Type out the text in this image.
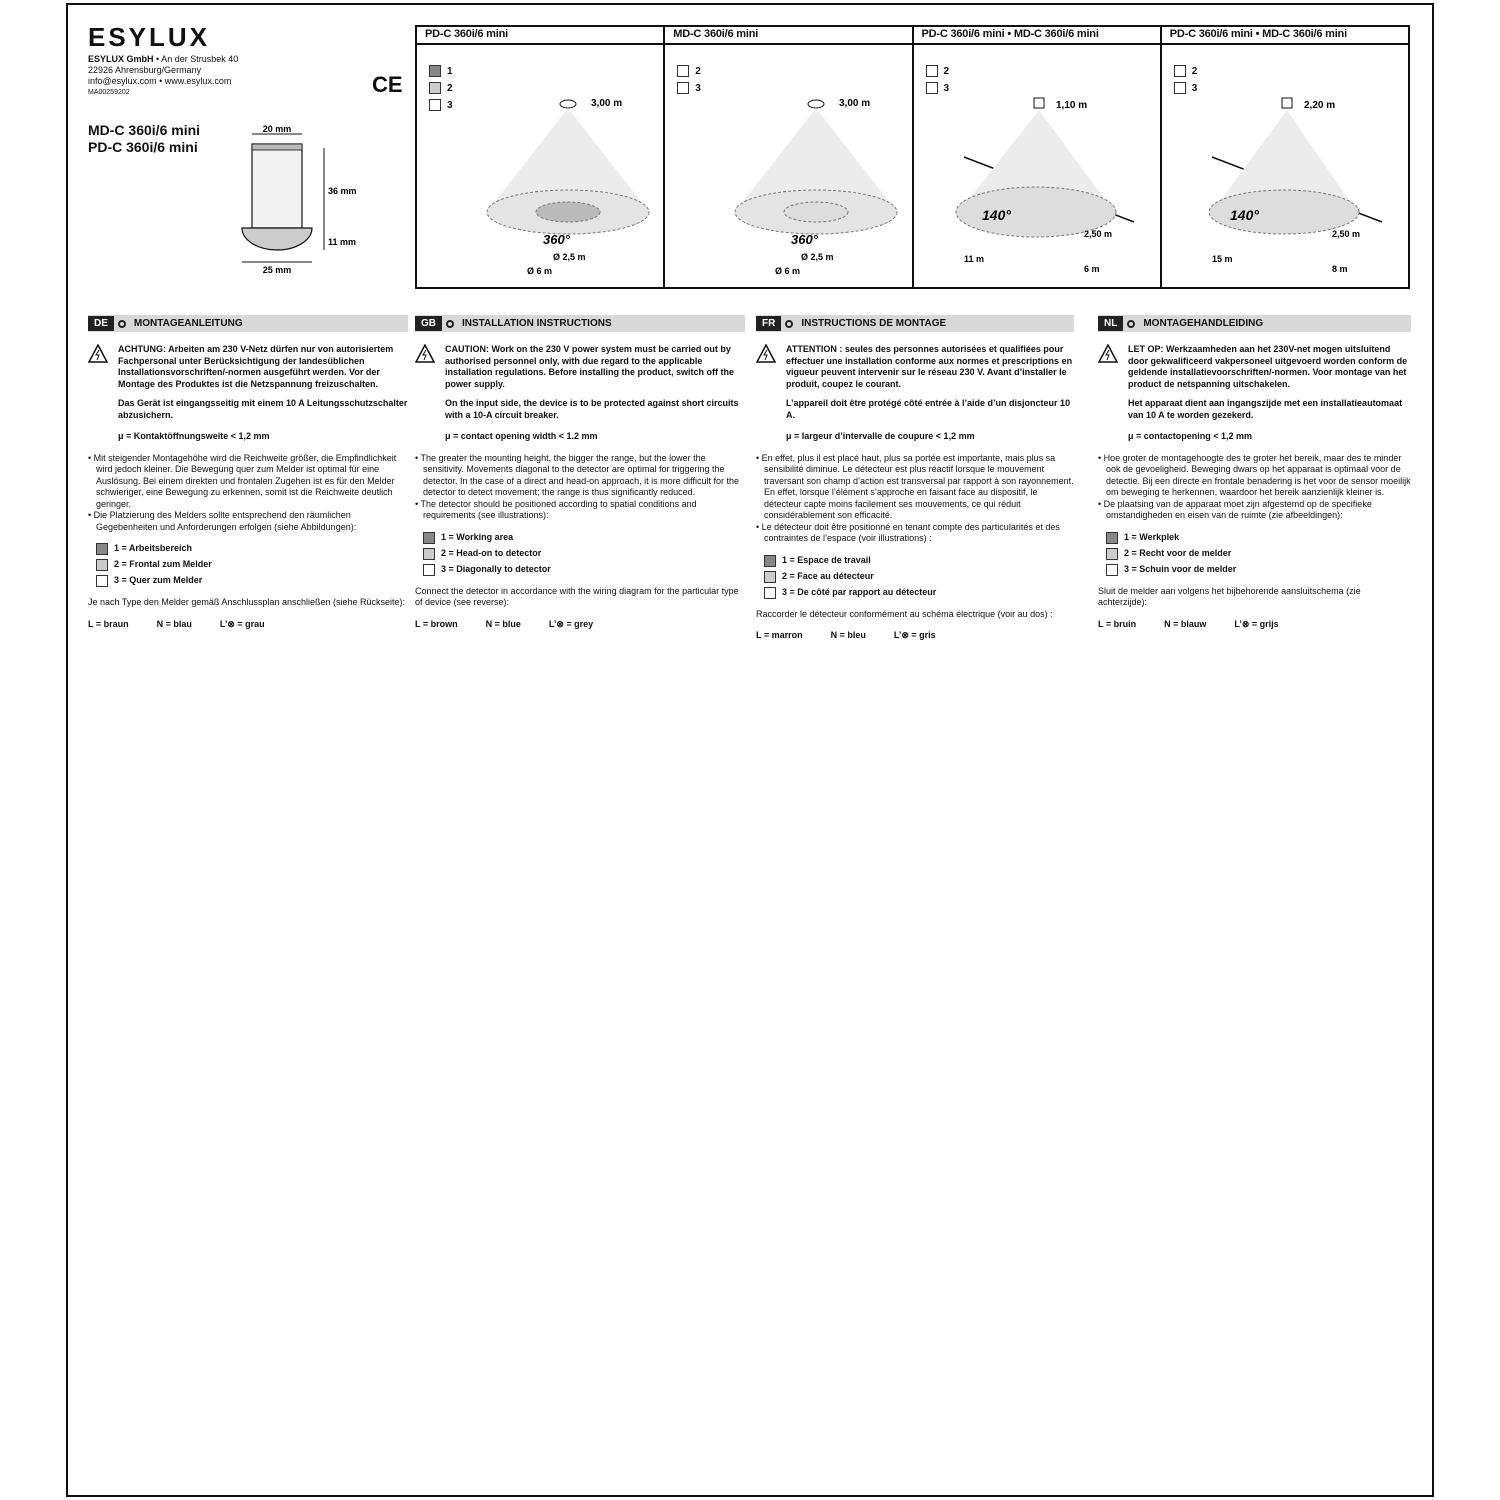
ESYLUX
ESYLUX GmbH • An der Strusbek 40
22926 Ahrensburg/Germany
info@esylux.com • www.esylux.com
MA00259202	CE
MD-C 360i/6 mini
PD-C 360i/6 mini
20 mm
36 mm
11 mm
25 mm
PD-C 360i/6 mini
1
2
3	3,00 m
360°
Ø 2,5 m
Ø 6 m
MD-C 360i/6 mini
2
3
3,00 m
360°
Ø 2,5 m
Ø 6 m
PD-C 360i/6 mini • MD-C 360i/6 mini
2
3
1,10 m
140°
2,50 m
11 m
6 m
PD-C 360i/6 mini • MD-C 360i/6 mini
2
3
2,20 m
140°
2,50 m
15 m
8 m
DE	MONTAGEANLEITUNG
ACHTUNG: Arbeiten am 230 V-Netz dürfen nur von autorisiertem Fachpersonal unter Berücksichtigung der landesüblichen Installationsvorschriften/-normen ausgeführt werden. Vor der Montage des Produktes ist die Netzspannung freizuschalten.
Das Gerät ist eingangsseitig mit einem 10 A Leitungsschutzschalter abzusichern.
μ = Kontaktöffnungsweite < 1,2 mm
• Mit steigender Montagehöhe wird die Reichweite größer, die Empfindlichkeit wird jedoch kleiner. Die Bewegung quer zum Melder ist optimal für eine Auslösung. Bei einem direkten und frontalen Zugehen ist es für den Melder schwieriger, eine Bewegung zu erkennen, somit ist die Reichweite deutlich geringer.
• Die Platzierung des Melders sollte entsprechend den räumlichen Gegebenheiten und Anforderungen erfolgen (siehe Abbildungen):
1 = Arbeitsbereich
2 = Frontal zum Melder
3 = Quer zum Melder
Je nach Type den Melder gemäß Anschlussplan anschließen (siehe Rückseite):
L = braun	N = blau	L’⊗ = grau
GB	INSTALLATION INSTRUCTIONS
CAUTION: Work on the 230 V power system must be carried out by authorised personnel only, with due regard to the applicable installation regulations. Before installing the product, switch off the power supply.
On the input side, the device is to be protected against short circuits with a 10-A circuit breaker.
μ = contact opening width < 1.2 mm
• The greater the mounting height, the bigger the range, but the lower the sensitivity. Movements diagonal to the detector are optimal for triggering the detector. In the case of a direct and head-on approach, it is more difficult for the detector to detect movement; the range is thus significantly reduced.
• The detector should be positioned according to spatial conditions and requirements (see illustrations):
1 = Working area
2 = Head-on to detector
3 = Diagonally to detector
Connect the detector in accordance with the wiring diagram for the particular type of device (see reverse):
L = brown	N = blue	L’⊗ = grey
FR	INSTRUCTIONS DE MONTAGE
ATTENTION : seules des personnes autorisées et qualifiées pour effectuer une installation conforme aux normes et prescriptions en vigueur peuvent intervenir sur le réseau 230 V. Avant d’installer le produit, coupez le courant.
L’appareil doit être protégé côté entrée à l’aide d’un disjoncteur 10 A.
μ = largeur d’intervalle de coupure < 1,2 mm
• En effet, plus il est placé haut, plus sa portée est importante, mais plus sa sensibilité diminue. Le détecteur est plus réactif lorsque le mouvement traversant son champ d’action est transversal par rapport à son rayonnement. En effet, lorsque l’élément s’approche en faisant face au dispositif, le détecteur capte moins facilement ses mouvements, ce qui réduit considérablement son efficacité.
• Le détecteur doit être positionné en tenant compte des particularités et des contraintes de l’espace (voir illustrations) :
1 = Espace de travail
2 = Face au détecteur
3 = De côté par rapport au détecteur
Raccorder le détecteur conformément au schéma électrique (voir au dos) :
L = marron	N = bleu	L’⊗ = gris
NL	MONTAGEHANDLEIDING
LET OP: Werkzaamheden aan het 230V-net mogen uitsluitend door gekwalificeerd vakpersoneel uitgevoerd worden conform de geldende installatievoorschriften/-normen. Voor montage van het product de netspanning uitschakelen.
Het apparaat dient aan ingangszijde met een installatieautomaat van 10 A te worden gezekerd.
μ = contactopening < 1,2 mm
• Hoe groter de montagehoogte des te groter het bereik, maar des te minder ook de gevoeligheid. Beweging dwars op het apparaat is optimaal voor de detectie. Bij een directe en frontale benadering is het voor de sensor moeilijk om beweging te herkennen, waardoor het bereik aanzienlijk kleiner is.
• De plaatsing van de apparaat moet zijn afgestemd op de specifieke omstandigheden en eisen van de ruimte (zie afbeeldingen):
1 = Werkplek
2 = Recht voor de melder
3 = Schuin voor de melder
Sluit de melder aan volgens het bijbehorende aansluitschema (zie achterzijde):
L = bruin	N = blauw	L’⊗ = grijs
